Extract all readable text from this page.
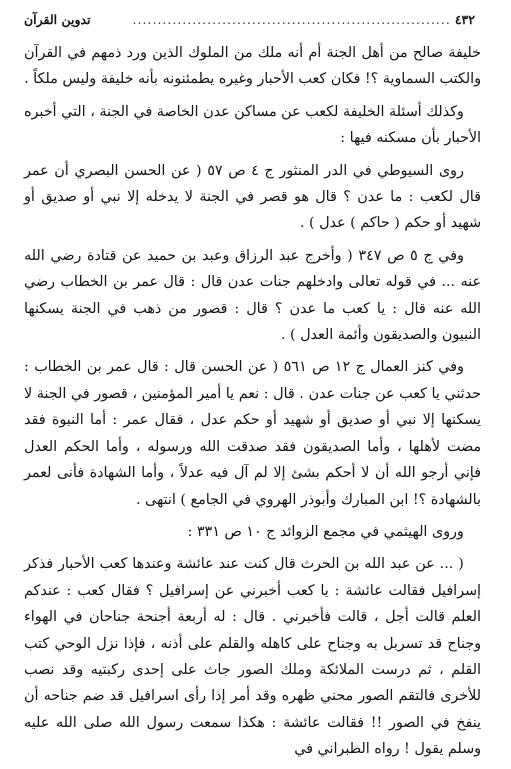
٤٣٢
................................................................
تدوين القرآن

خليفة صالح من أهل الجنة أم أنه ملك من الملوك الذين ورد ذمهم في القرآن والكتب السماوية ؟! فكان كعب الأحبار وغيره يطمئنونه بأنه خليفة وليس ملكاً .

وكذلك أسئلة الخليفة لكعب عن مساكن عدن الخاصة في الجنة ، التي أخبره الأحبار بأن مسكنه فيها :

روى السيوطي في الدر المنثور ج ٤ ص ٥٧ ( عن الحسن البصري أن عمر قال لكعب : ما عدن ؟ قال هو قصر في الجنة لا يدخله إلا نبي أو صديق أو شهيد أو حكم ( حاكم ) عدل ) .

وفي ج ٥ ص ٣٤٧ ( وأخرج عبد الرزاق وعبد بن حميد عن قتادة رضي الله عنه ... في قوله تعالى وادخلهم جنات عدن قال : قال عمر بن الخطاب رضي الله عنه قال : يا كعب ما عدن ؟ قال : قصور من ذهب في الجنة يسكنها النبيون والصديقون وأئمة العدل ) .

وفي كنز العمال ج ١٢ ص ٥٦١ ( عن الحسن قال : قال عمر بن الخطاب : حدثني يا كعب عن جنات عدن . قال : نعم يا أمير المؤمنين ، قصور في الجنة لا يسكنها إلا نبي أو صديق أو شهيد أو حكم عدل ، فقال عمر : أما النبوة فقد مضت لأهلها ، وأما الصديقون فقد صدقت الله ورسوله ، وأما الحكم العدل فإني أرجو الله أن لا أحكم بشئ إلا لم آل فيه عدلاً ، وأما الشهادة فأنى لعمر بالشهادة ؟! ابن المبارك وأبوذر الهروي في الجامع ) انتهى .

وروى الهيثمي في مجمع الزوائد ج ١٠ ص ٣٣١ :

( ... عن عبد الله بن الحرث قال كنت عند عائشة وعندها كعب الأحبار فذكر إسرافيل فقالت عائشة : يا كعب أخبرني عن إسرافيل ؟ فقال كعب : عندكم العلم قالت أجل ، قالت فأخبرني . قال : له أربعة أجنحة جناحان في الهواء وجناح قد تسربل به وجناح على كاهله والقلم على أذنه ، فإذا نزل الوحي كتب القلم ، ثم درست الملائكة وملك الصور جاث على إحدى ركبتيه وقد نصب للأخرى فالتقم الصور محني ظهره وقد أمر إذا رأى اسرافيل قد ضم جناحه أن ينفخ في الصور !! فقالت عائشة : هكذا سمعت رسول الله صلى الله عليه وسلم يقول ! رواه الطبراني في
